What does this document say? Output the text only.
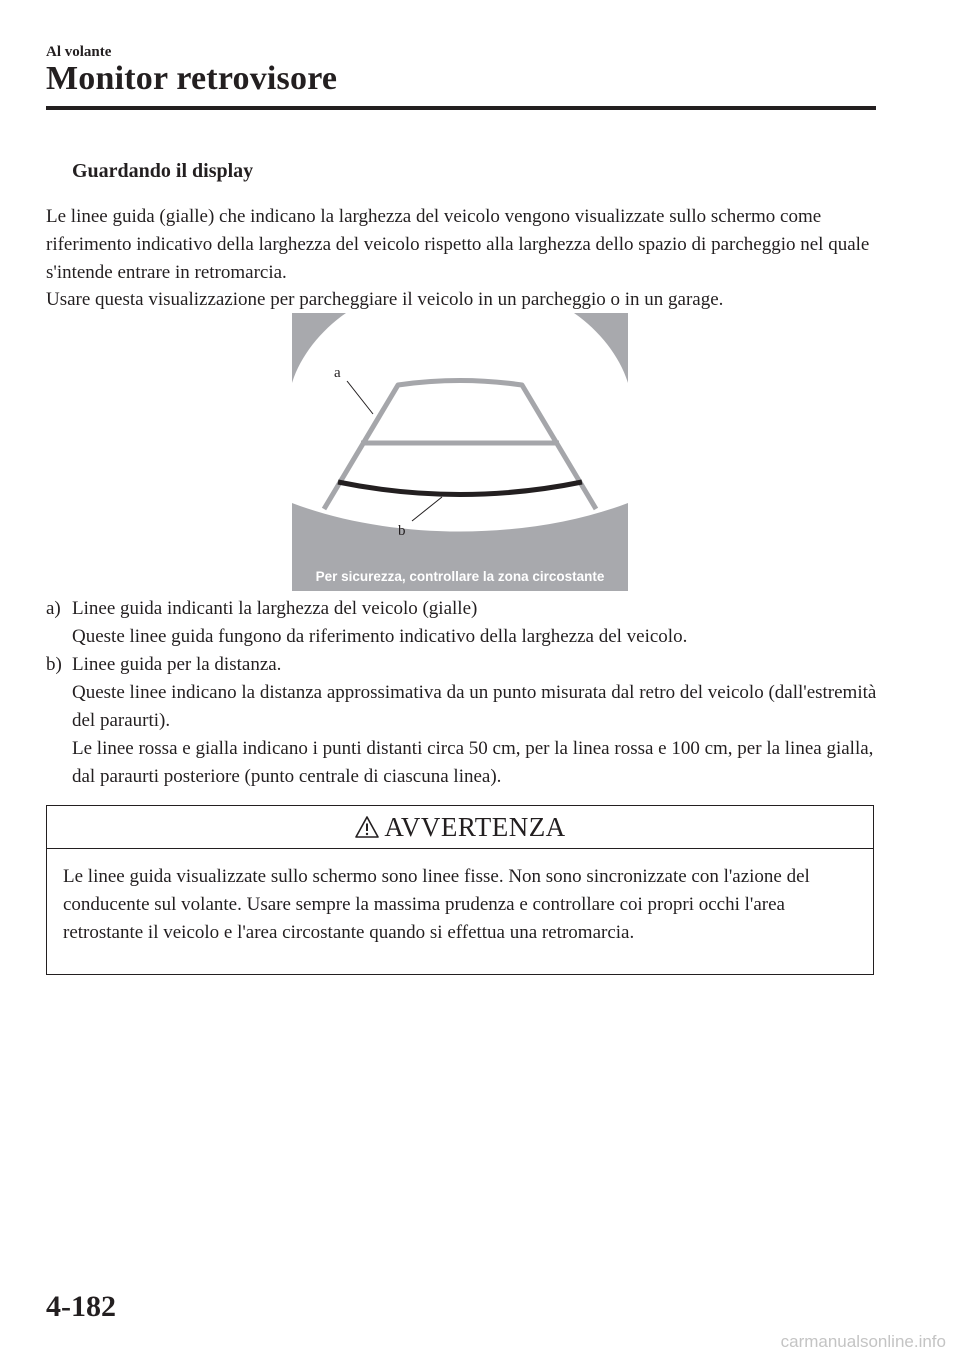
Al volante
Monitor retrovisore
Guardando il display
Le linee guida (gialle) che indicano la larghezza del veicolo vengono visualizzate sullo schermo come riferimento indicativo della larghezza del veicolo rispetto alla larghezza dello spazio di parcheggio nel quale s'intende entrare in retromarcia.
Usare questa visualizzazione per parcheggiare il veicolo in un parcheggio o in un garage.
a
b
Per sicurezza, controllare la zona circostante
a) Linee guida indicanti la larghezza del veicolo (gialle)
Queste linee guida fungono da riferimento indicativo della larghezza del veicolo.
b) Linee guida per la distanza.
Queste linee indicano la distanza approssimativa da un punto misurata dal retro del veicolo (dall'estremità del paraurti).
Le linee rossa e gialla indicano i punti distanti circa 50 cm, per la linea rossa e 100 cm, per la linea gialla, dal paraurti posteriore (punto centrale di ciascuna linea).
AVVERTENZA
Le linee guida visualizzate sullo schermo sono linee fisse. Non sono sincronizzate con l'azione del conducente sul volante. Usare sempre la massima prudenza e controllare coi propri occhi l'area retrostante il veicolo e l'area circostante quando si effettua una retromarcia.
4-182
carmanualsonline.info
